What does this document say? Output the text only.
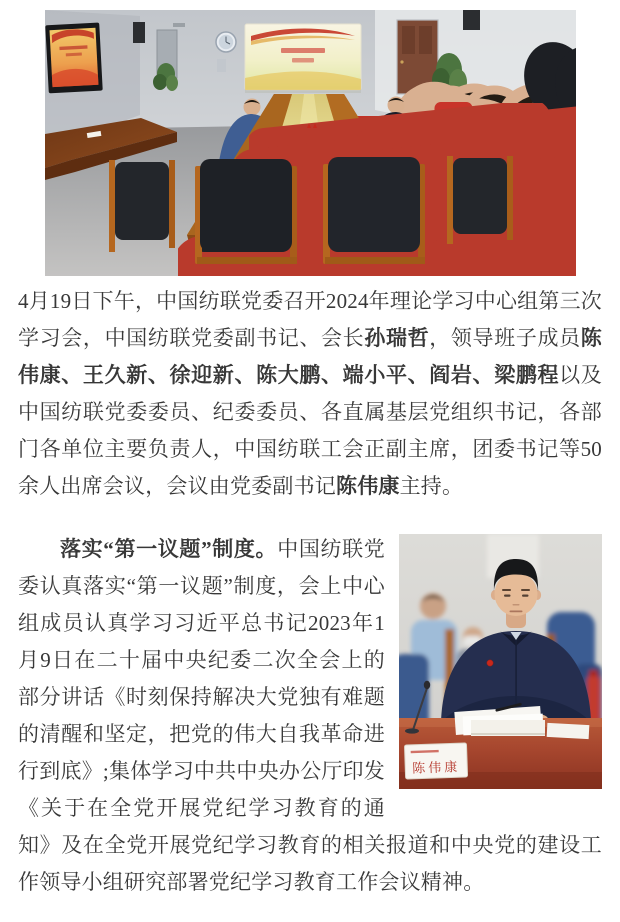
4月19日下午，中国纺联党委召开2024年理论学习中心组第三次学习会，中国纺联党委副书记、会长孙瑞哲，领导班子成员陈伟康、王久新、徐迎新、陈大鹏、端小平、阎岩、梁鹏程以及中国纺联党委委员、纪委委员、各直属基层党组织书记，各部门各单位主要负责人，中国纺联工会正副主席，团委书记等50余人出席会议，会议由党委副书记陈伟康主持。

陈伟康
落实“第一议题”制度。中国纺联党委认真落实“第一议题”制度，会上中心组成员认真学习习近平总书记2023年1月9日在二十届中央纪委二次全会上的部分讲话《时刻保持解决大党独有难题的清醒和坚定，把党的伟大自我革命进行到底》;集体学习中共中央办公厅印发《关于在全党开展党纪学习教育的通知》及在全党开展党纪学习教育的相关报道和中央党的建设工作领导小组研究部署党纪学习教育工作会议精神。
